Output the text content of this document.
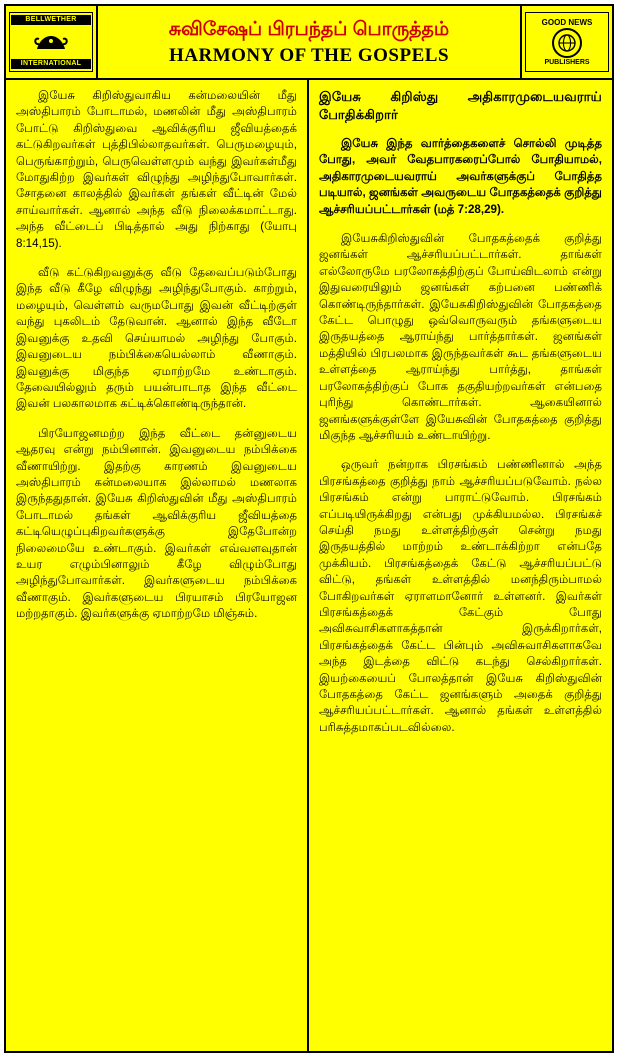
BELLWETHER
INTERNATIONAL
சுவிசேஷப் பிரபந்தப் பொருத்தம்
HARMONY OF THE GOSPELS
GOOD NEWS
PUBLISHERS

இயேசு கிறிஸ்துவாகிய கன்மலையின் மீது அஸ்திபாரம் போடாமல், மணலின் மீது அஸ்திபாரம் போட்டு கிறிஸ்துவை ஆவிக்குரிய ஜீவியத்தைக் கட்டுகிறவர்கள் புத்திபில்லாதவர்கள். பெருமழையும், பெருங்காற்றும், பெருவெள்ளமும் வந்து இவர்கள்மீது மோதுகிற்ற இவர்கள் விழுந்து அழிந்துபோவார்கள். சோதனை காலத்தில் இவர்கள் தங்கள் வீட்டின் மேல் சாய்வார்கள். ஆனால் அந்த வீடு நிலைக்கமாட்டாது. அந்த வீட்டைப் பிடித்தால் அது நிற்காது (யோபு 8:14,15).

வீடு கட்டுகிறவனுக்கு வீடு தேவைப்படும்போது இந்த வீடு கீழே விழுந்து அழிந்துபோகும். காற்றும், மழையும், வெள்ளம் வருமபோது இவன் வீட்டிற்குள் வந்து புகலிடம் தேடுவான். ஆனால் இந்த வீடோ இவனுக்கு உதவி செய்யாமல் அழிந்து போகும். இவனுடைய நம்பிக்கையெல்லாம் வீணாகும். இவனுக்கு மிகுந்த ஏமாற்றமே உண்டாகும். தேவையில்லும் தரும் பயன்பாடாத இந்த வீட்டை இவன் பலகாலமாக கட்டிக்கொண்டிருந்தான்.

பிரயோஜனமற்ற இந்த வீட்டை தன்னுடைய ஆதரவு என்று நம்பினான். இவனுடைய நம்பிக்கை வீணாயிற்று. இதற்கு காரணம் இவனுடைய அஸ்திபாரம் கன்மலையாக இல்லாமல் மணலாக இருந்ததுதான். இயேசு கிறிஸ்துவின் மீது அஸ்திபாரம் போடாமல் தங்கள் ஆவிக்குரிய ஜீவியத்தை கட்டியெழுப்புகிறவர்களுக்கு இதேபோன்ற நிலைமையே உண்டாகும். இவர்கள் எவ்வளவுதான் உயர எழும்பினாலும் கீழே விழும்போது அழிந்துபோவார்கள். இவர்களுடைய நம்பிக்கை வீணாகும். இவர்களுடைய பிரயாசம் பிரயோஜன மற்றதாகும். இவர்களுக்கு ஏமாற்றமே மிஞ்சும்.

இயேசு கிறிஸ்து அதிகாரமுடையவராய் போதிக்கிறார்

இயேசு இந்த வார்த்தைகளைச் சொல்லி முடித்த போது, அவர் வேதபாரகரைப்போல் போதியாமல், அதிகாரமுடையவராய் அவர்களுக்குப் போதித்த படியால், ஜனங்கள் அவருடைய போதகத்தைக் குறித்து ஆச்சரியப்பட்டார்கள் (மத் 7:28,29).

இயேசுகிறிஸ்துவின் போதகத்தைக் குறித்து ஜனங்கள் ஆச்சரியப்பட்டார்கள். தாங்கள் எல்லோருமே பரலோகத்திற்குப் போய்விடலாம் என்று இதுவரையிலும் ஜனங்கள் கற்பனை பண்ணிக் கொண்டிருந்தார்கள். இயேசுகிறிஸ்துவின் போதகத்தை கேட்ட பொழுது ஒவ்வொருவரும் தங்களுடைய இருதயத்தை ஆராய்ந்து பார்த்தார்கள். ஜனங்கள் மத்தியில் பிரபலமாக இருந்தவர்கள் கூட தங்களுடைய உள்ளத்தை ஆராய்ந்து பார்த்து, தாங்கள் பரலோகத்திற்குப் போக தகுதியற்றவர்கள் என்பதை புரிந்து கொண்டார்கள். ஆகையினால் ஜனங்களுக்குள்ளே இயேசுவின் போதகத்தை குறித்து மிகுந்த ஆச்சரியம் உண்டாயிற்று.

ஒருவர் நன்றாக பிரசங்கம் பண்ணினால் அந்த பிரசங்கத்தை குறித்து நாம் ஆச்சரியப்படுவோம். நல்ல பிரசங்கம் என்று பாராட்டுவோம். பிரசங்கம் எப்படியிருக்கிறது என்பது முக்கியமல்ல. பிரசங்கச் செய்தி நமது உள்ளத்திற்குள் சென்று நமது இருதயத்தில் மாற்றம் உண்டாக்கிற்றா என்பதே முக்கியம். பிரசங்கத்தைக் கேட்டு ஆச்சரியப்பட்டு விட்டு, தங்கள் உள்ளத்தில் மனந்திரும்பாமல் போகிறவர்கள் ஏராளமானோர் உள்ளனர். இவர்கள் பிரசங்கத்தைக் கேட்கும் போது அவிசுவாசிகளாகத்தான் இருக்கிறார்கள், பிரசங்கத்தைக் கேட்ட பின்பும் அவிசுவாசிகளாகவே அந்த இடத்தை விட்டு கடந்து செல்கிறார்கள். இயற்கையைப் போலத்தான் இயேசு கிறிஸ்துவின் போதகத்தை கேட்ட ஜனங்களும் அதைக் குறித்து ஆச்சரியப்பட்டார்கள். ஆனால் தங்கள் உள்ளத்தில் பரிசுத்தமாகப்படவில்லை.
